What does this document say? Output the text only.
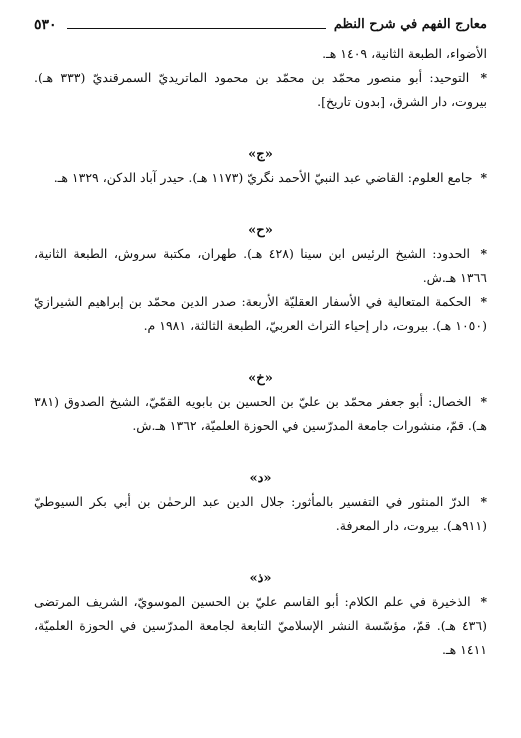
٥٣٠	معارج الفهم في شرح النظم

الأضواء، الطبعة الثانية، ١٤٠٩ هـ.

* التوحيد: أبو منصور محمّد بن محمّد بن محمود الماتريديّ السمرقنديّ (٣٣٣ هـ). بيروت، دار الشرق، [بدون تاريخ].

«ج»

* جامع العلوم: القاضي عبد النبيّ الأحمد نگريّ (١١٧٣ هـ). حيدر آباد الدكن، ١٣٢٩ هـ.

«ح»

* الحدود: الشيخ الرئيس ابن سينا (٤٢٨ هـ). طهران، مكتبة سروش، الطبعة الثانية، ١٣٦٦ هـ.ش.

* الحكمة المتعالية في الأسفار العقليّة الأربعة: صدر الدين محمّد بن إبراهيم الشيرازيّ (١٠٥٠ هـ). بيروت، دار إحياء التراث العربيّ، الطبعة الثالثة، ١٩٨١ م.

«خ»

* الخصال: أبو جعفر محمّد بن عليّ بن الحسين بن بابويه القمّيّ، الشيخ الصدوق (٣٨١ هـ). قمّ، منشورات جامعة المدرّسين في الحوزة العلميّة، ١٣٦٢ هـ.ش.

«د»

* الدرّ المنثور في التفسير بالمأثور: جلال الدين عبد الرحمٰن بن أبي بكر السيوطيّ (٩١١هـ). بيروت، دار المعرفة.

«ذ»

* الذخيرة في علم الكلام: أبو القاسم عليّ بن الحسين الموسويّ، الشريف المرتضى (٤٣٦ هـ). قمّ، مؤسّسة النشر الإسلاميّ التابعة لجامعة المدرّسين في الحوزة العلميّة، ١٤١١ هـ.
